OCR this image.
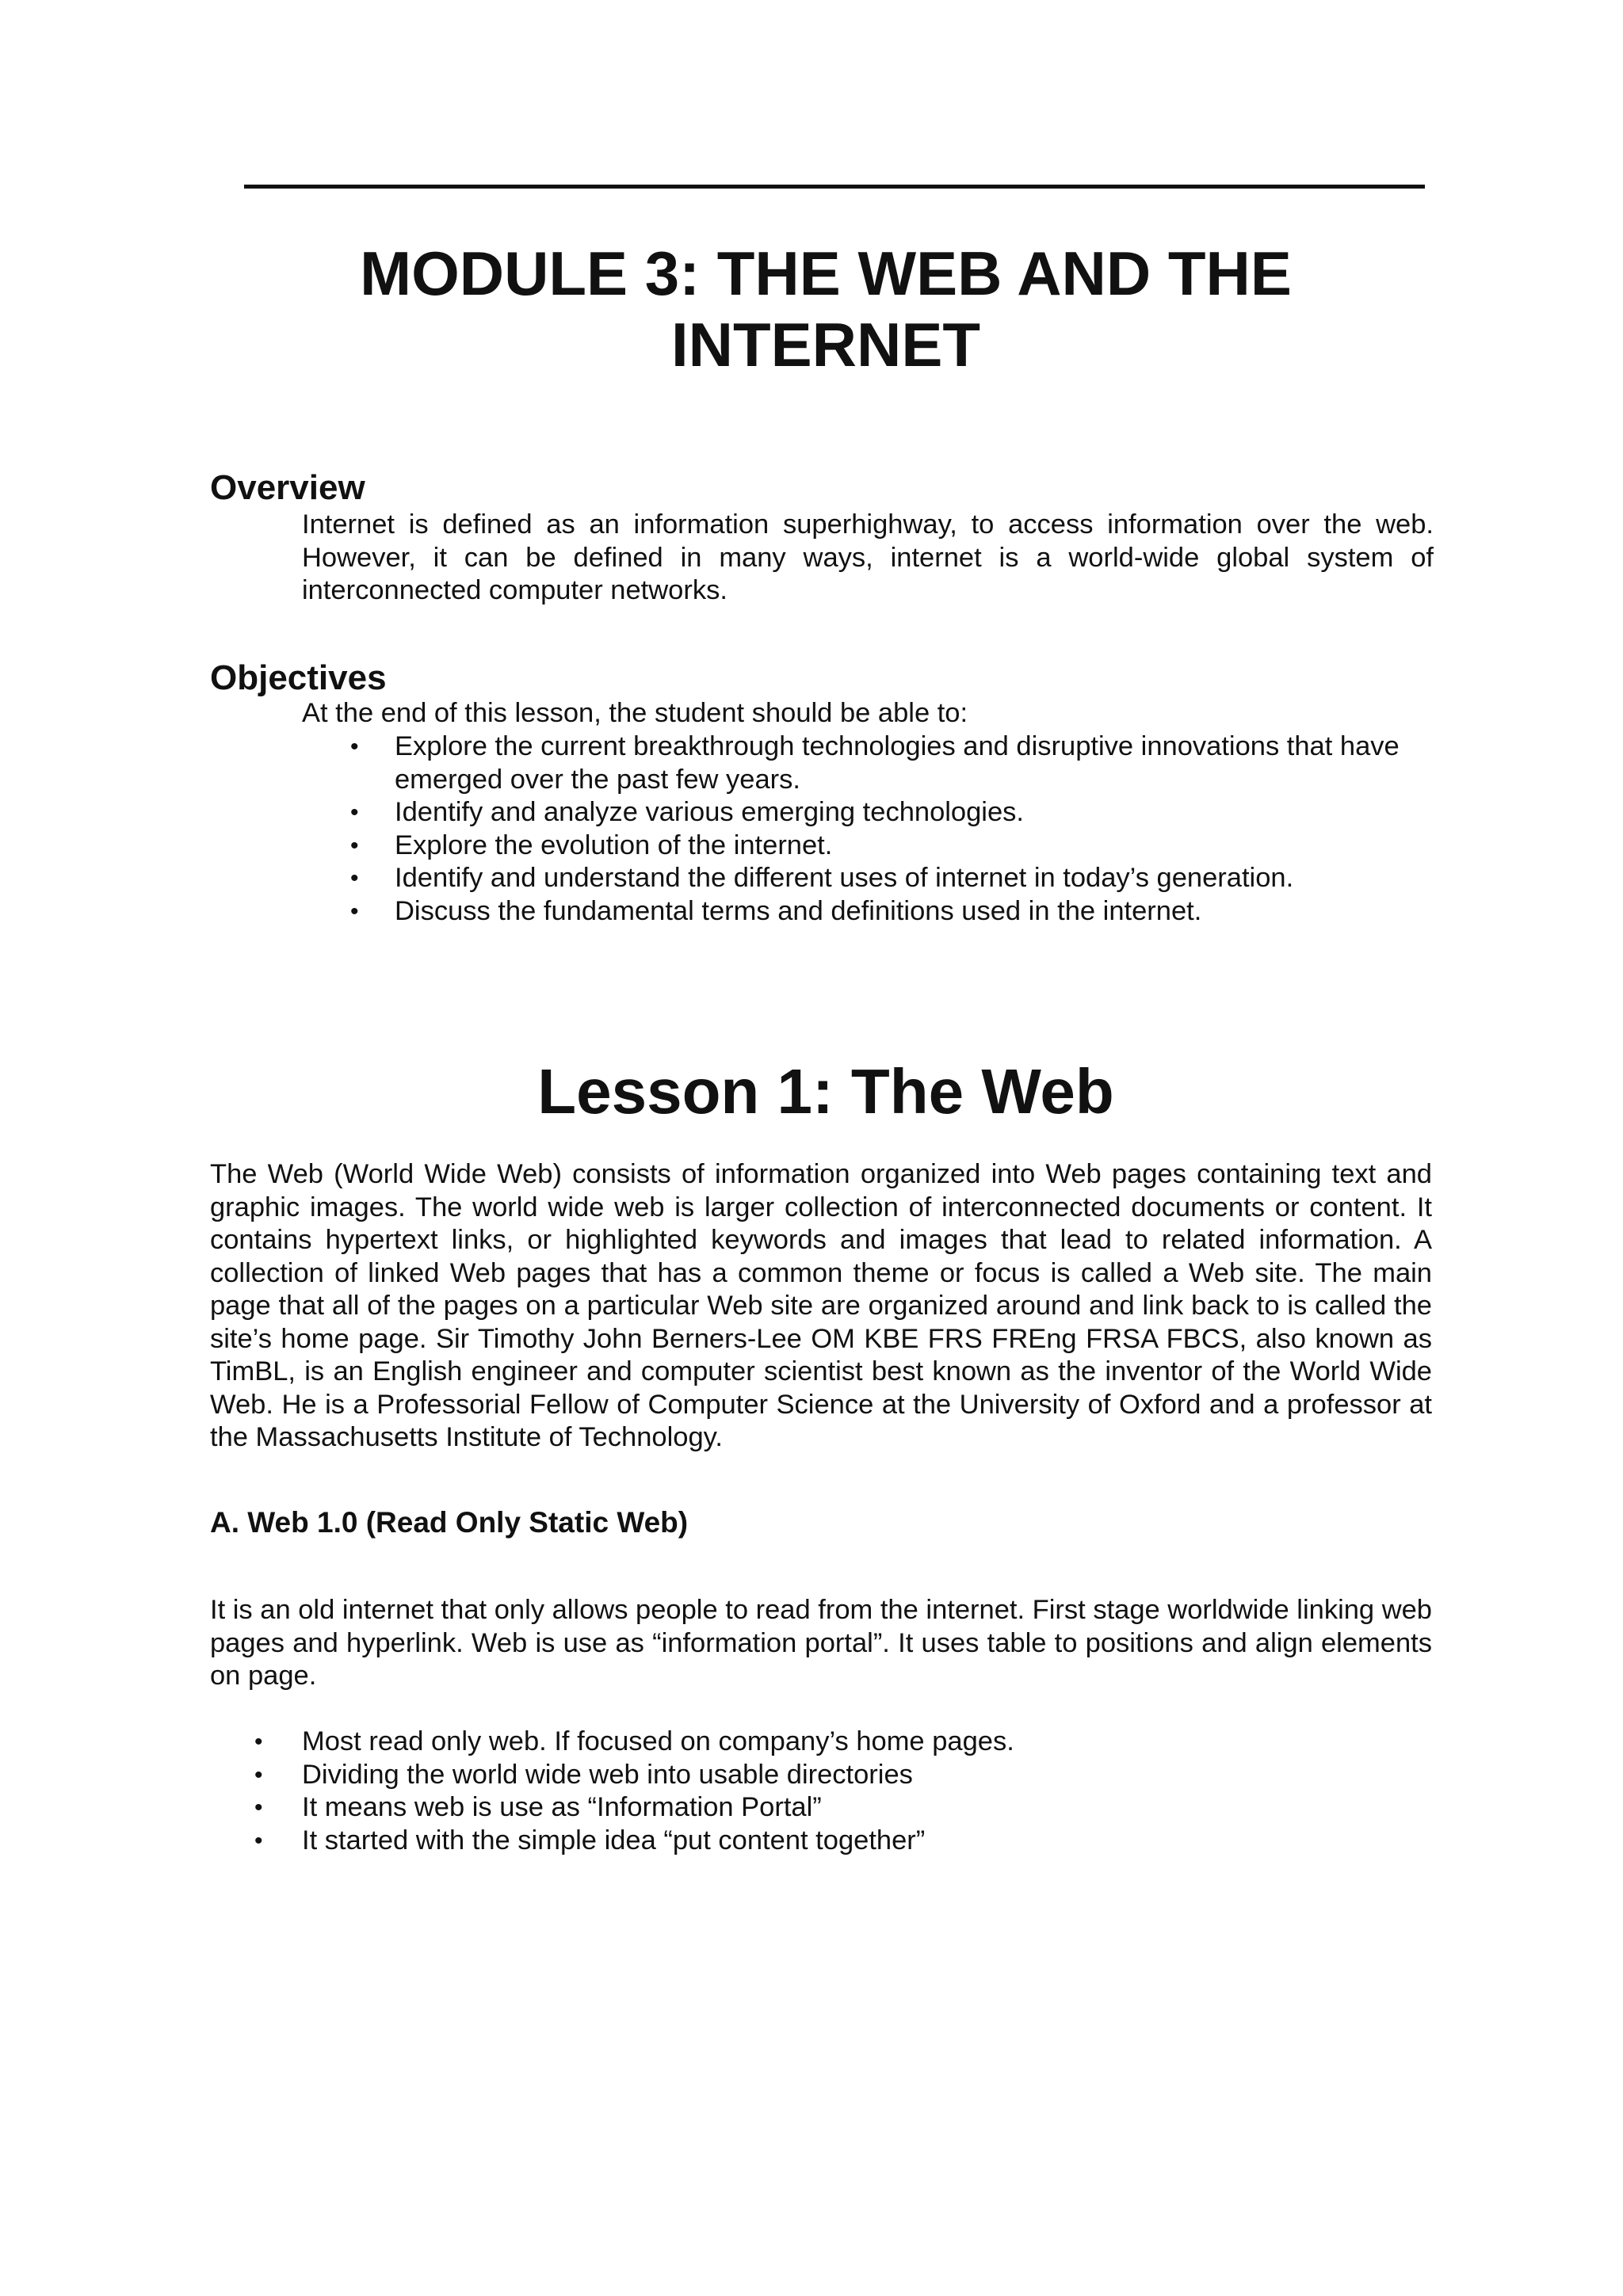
MODULE 3: THE WEB AND THE INTERNET
Overview

Internet is defined as an information superhighway, to access information over the web. However, it can be defined in many ways, internet is a world-wide global system of interconnected computer networks.

Objectives

At the end of this lesson, the student should be able to:

• Explore the current breakthrough technologies and disruptive innovations that have emerged over the past few years.
• Identify and analyze various emerging technologies.
• Explore the evolution of the internet.
• Identify and understand the different uses of internet in today’s generation.
• Discuss the fundamental terms and definitions used in the internet.
Lesson 1: The Web

The Web (World Wide Web) consists of information organized into Web pages containing text and graphic images. The world wide web is larger collection of interconnected documents or content. It contains hypertext links, or highlighted keywords and images that lead to related information. A collection of linked Web pages that has a common theme or focus is called a Web site. The main page that all of the pages on a particular Web site are organized around and link back to is called the site’s home page. Sir Timothy John Berners-Lee OM KBE FRS FREng FRSA FBCS, also known as TimBL, is an English engineer and computer scientist best known as the inventor of the World Wide Web. He is a Professorial Fellow of Computer Science at the University of Oxford and a professor at the Massachusetts Institute of Technology.

A. Web 1.0 (Read Only Static Web)

It is an old internet that only allows people to read from the internet. First stage worldwide linking web pages and hyperlink. Web is use as “information portal”. It uses table to positions and align elements on page.

• Most read only web. If focused on company’s home pages.
• Dividing the world wide web into usable directories
• It means web is use as “Information Portal”
• It started with the simple idea “put content together”
